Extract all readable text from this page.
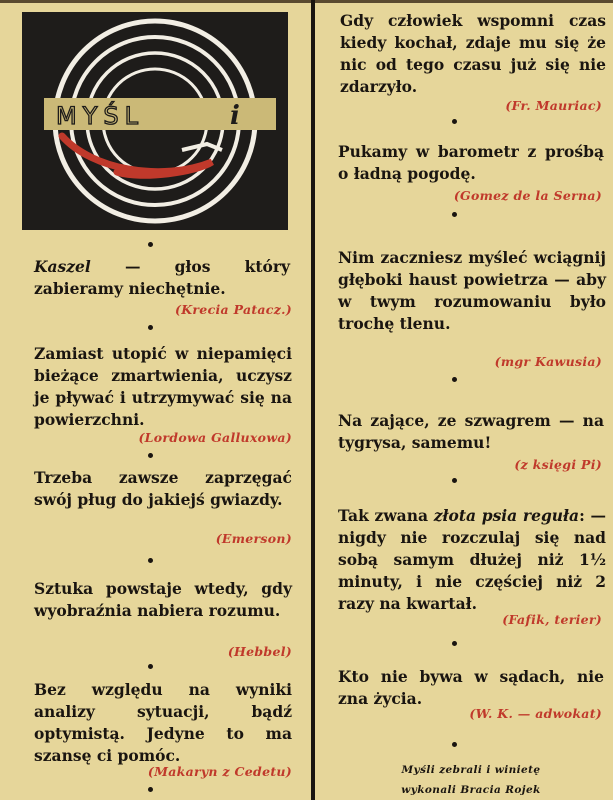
MYŚL	i
Kaszel — głos który zabieramy niechętnie.
(Krecia Patacz.)
Zamiast utopić w niepamięci bieżące zmartwienia, uczysz je pływać i utrzymywać się na powierzchni.
(Lordowa Galluxowa)
Trzeba zawsze zaprzęgać swój pług do jakiejś gwiazdy.
(Emerson)
Sztuka powstaje wtedy, gdy wyobraźnia nabiera rozumu.
(Hebbel)
Bez względu na wyniki analizy sytuacji, bądź optymistą. Jedyne to ma szansę ci pomóc.
(Makaryn z Cedetu)
Gdy człowiek wspomni czas kiedy kochał, zdaje mu się że nic od tego czasu już się nie zdarzyło.
(Fr. Mauriac)
Pukamy w barometr z prośbą o ładną pogodę.
(Gomez de la Serna)
Nim zaczniesz myśleć wciągnij głęboki haust powietrza — aby w twym rozumowaniu było trochę tlenu.
(mgr Kawusia)
Na zające, ze szwagrem — na tygrysa, samemu!
(z księgi Pi)
Tak zwana złota psia reguła: — nigdy nie rozczulaj się nad sobą samym dłużej niż 1½ minuty, i nie częściej niż 2 razy na kwartał.
(Fafik, terier)
Kto nie bywa w sądach, nie zna życia.
(W. K. — adwokat)
Myśli zebrali i winietę
wykonali Bracia Rojek
